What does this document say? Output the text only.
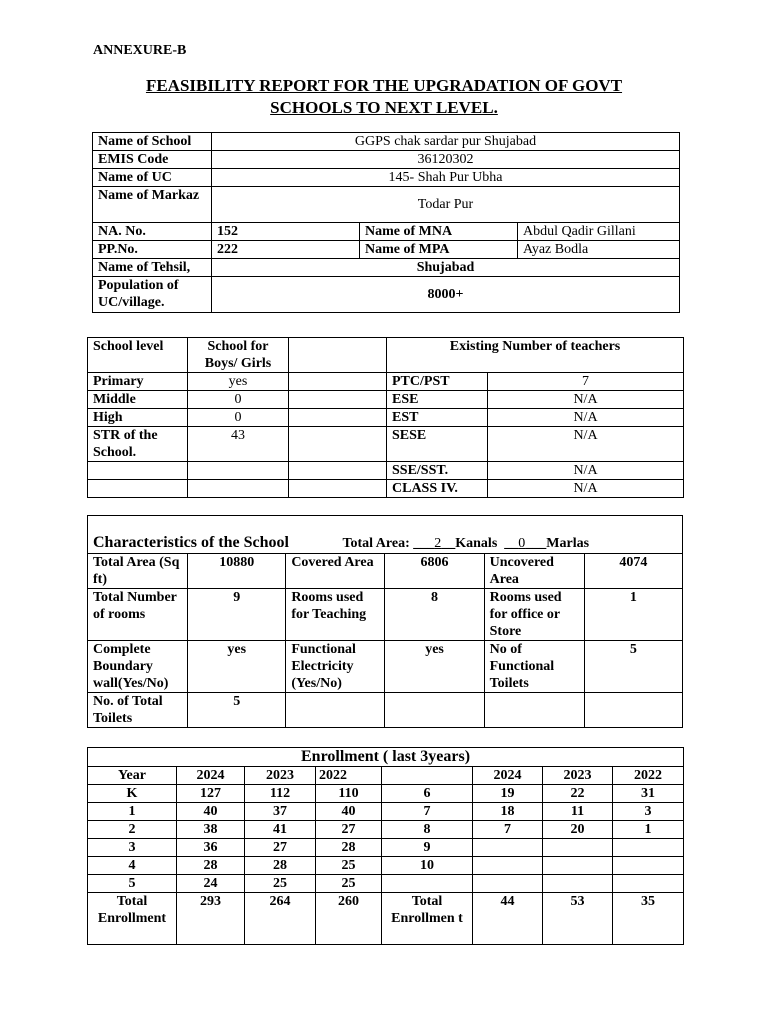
ANNEXURE-B
FEASIBILITY REPORT FOR THE UPGRADATION OF GOVT
SCHOOLS TO NEXT LEVEL.
Name of School	GGPS chak sardar pur Shujabad		
EMIS Code	36120302		
Name of UC	145- Shah Pur Ubha		
Name of Markaz	Todar Pur		
NA. No.	152	Name of MNA	Abdul Qadir Gillani
PP.No.	222	Name of MPA	Ayaz Bodla
Name of Tehsil,	Shujabad		
Population of UC/village.	8000+		
School level	School for Boys/ Girls		Existing Number of teachers	
Primary	yes		PTC/PST	7
Middle	0		ESE	N/A
High	0		EST	N/A
STR of the School.	43		SESE	N/A
			SSE/SST.	N/A
			CLASS IV.	N/A
Characteristics of the School Total Area: ___2__Kanals __0___Marlas					
Total Area (Sq ft)	10880	Covered Area	6806	Uncovered Area	4074
Total Number of rooms	9	Rooms used for Teaching	8	Rooms used for office or Store	1
Complete Boundary wall(Yes/No)	yes	Functional Electricity (Yes/No)	yes	No of Functional Toilets	5
No. of Total Toilets	5				
Enrollment ( last 3years)							
Year	2024	2023	2022		2024	2023	2022
K	127	112	110	6	19	22	31
1	40	37	40	7	18	11	3
2	38	41	27	8	7	20	1
3	36	27	28	9			
4	28	28	25	10			
5	24	25	25				
Total Enrollment	293	264	260	Total Enrollmen t	44	53	35
